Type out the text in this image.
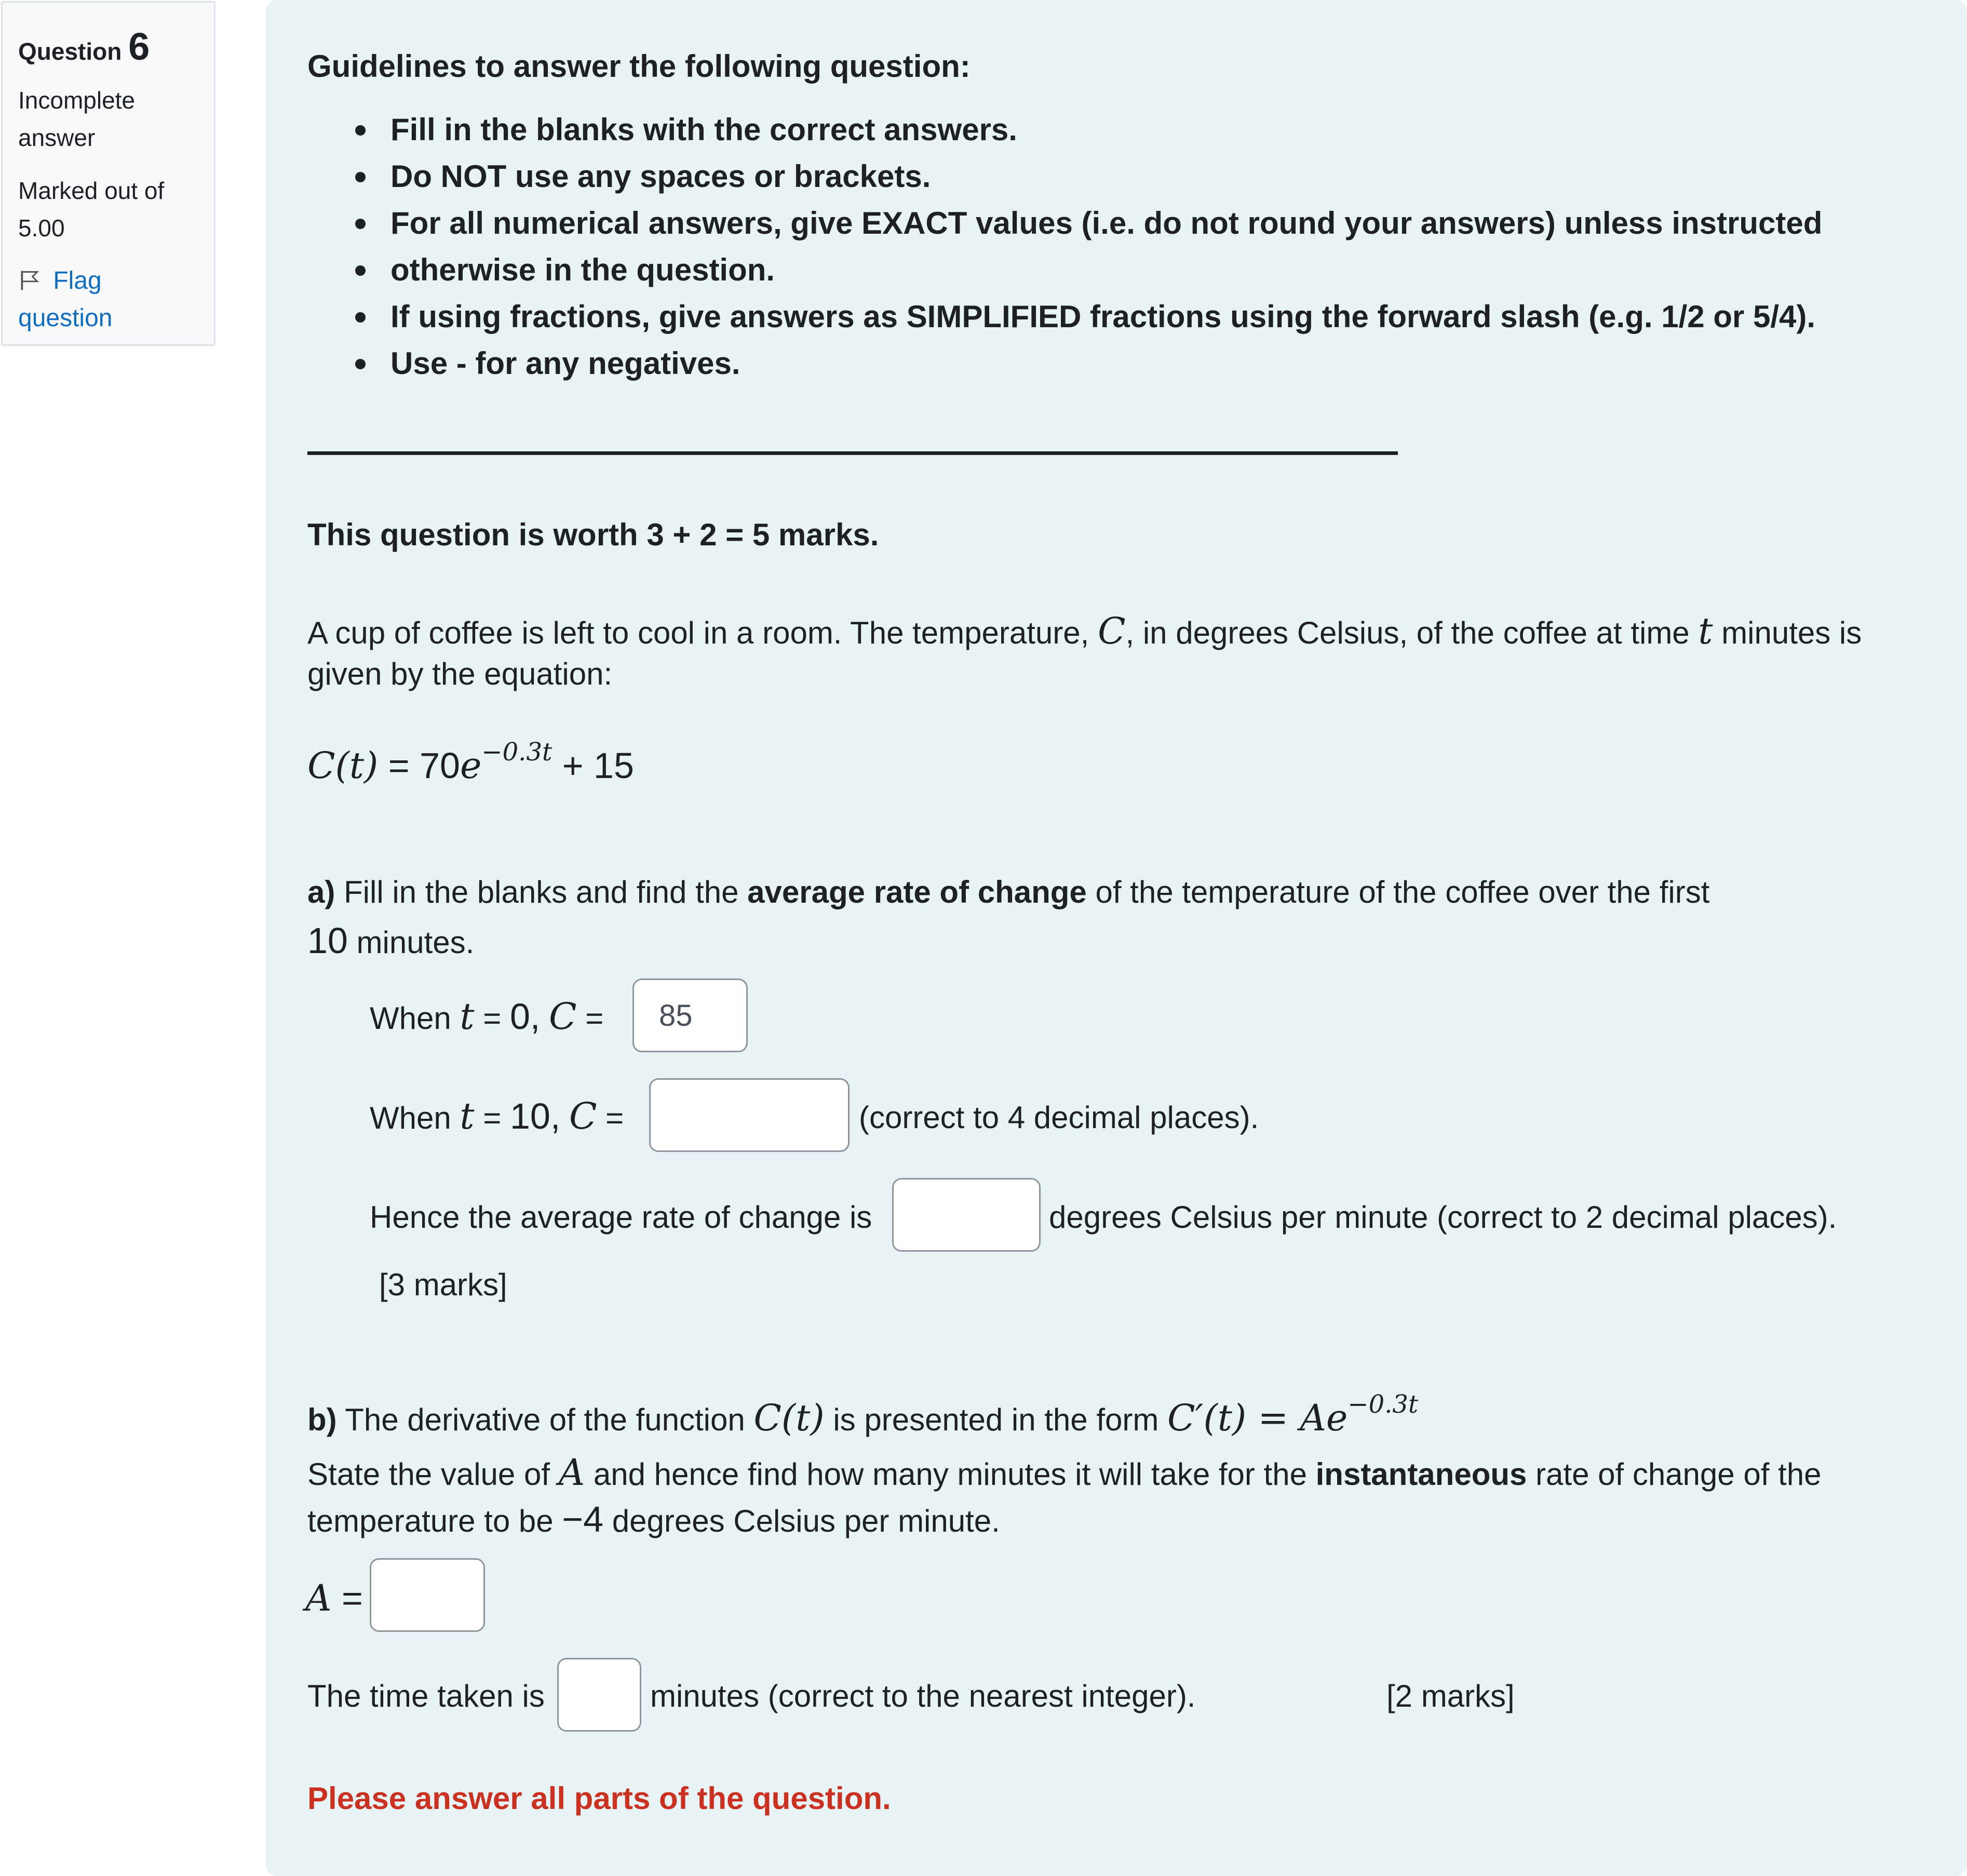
Question 6
Incomplete answer
Marked out of 5.00
Flag question
Guidelines to answer the following question:
Fill in the blanks with the correct answers.
Do NOT use any spaces or brackets.
For all numerical answers, give EXACT values (i.e. do not round your answers) unless instructed
otherwise in the question.
If using fractions, give answers as SIMPLIFIED fractions using the forward slash (e.g. 1/2 or 5/4).
Use - for any negatives.
This question is worth 3 + 2 = 5 marks.
A cup of coffee is left to cool in a room. The temperature, C, in degrees Celsius, of the coffee at time t minutes is
given by the equation:
$C(t) = 70e^{-0.3t} + 15$
a) Fill in the blanks and find the average rate of change of the temperature of the coffee over the first
10 minutes.
When t = 0, C =	85
When t = 10, C =	(correct to 4 decimal places).
Hence the average rate of change is	degrees Celsius per minute (correct to 2 decimal places).
[3 marks]
b) The derivative of the function C(t) is presented in the form $C'(t) = Ae^{-0.3t}$
State the value of A and hence find how many minutes it will take for the instantaneous rate of change of the
temperature to be −4 degrees Celsius per minute.
A =
The time taken is	minutes (correct to the nearest integer).	[2 marks]
Please answer all parts of the question.
